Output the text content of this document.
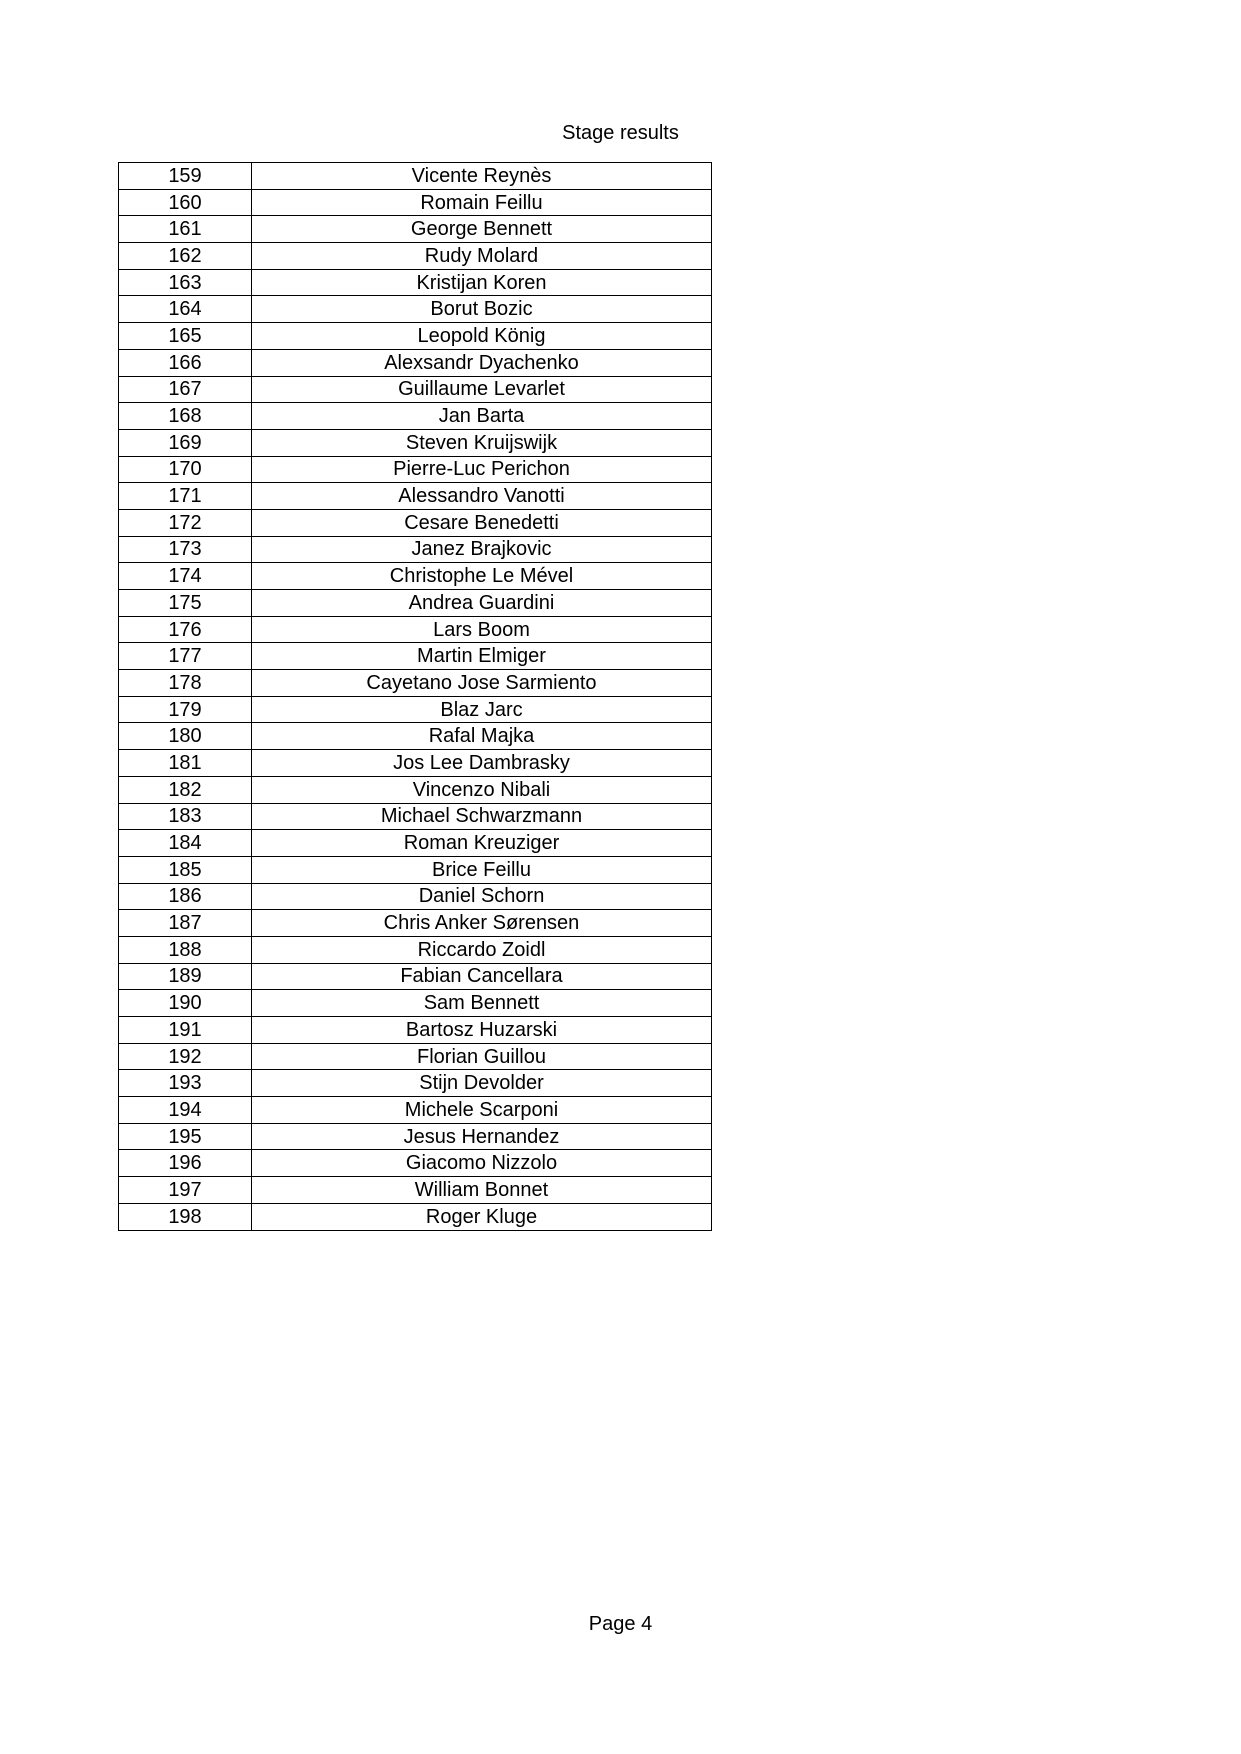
Stage results
159	Vicente Reynès
160	Romain Feillu
161	George Bennett
162	Rudy Molard
163	Kristijan Koren
164	Borut Bozic
165	Leopold König
166	Alexsandr Dyachenko
167	Guillaume Levarlet
168	Jan Barta
169	Steven Kruijswijk
170	Pierre-Luc Perichon
171	Alessandro Vanotti
172	Cesare Benedetti
173	Janez Brajkovic
174	Christophe Le Mével
175	Andrea Guardini
176	Lars Boom
177	Martin Elmiger
178	Cayetano Jose Sarmiento
179	Blaz Jarc
180	Rafal Majka
181	Jos Lee Dambrasky
182	Vincenzo Nibali
183	Michael Schwarzmann
184	Roman Kreuziger
185	Brice Feillu
186	Daniel Schorn
187	Chris Anker Sørensen
188	Riccardo Zoidl
189	Fabian Cancellara
190	Sam Bennett
191	Bartosz Huzarski
192	Florian Guillou
193	Stijn Devolder
194	Michele Scarponi
195	Jesus Hernandez
196	Giacomo Nizzolo
197	William Bonnet
198	Roger Kluge
Page 4
